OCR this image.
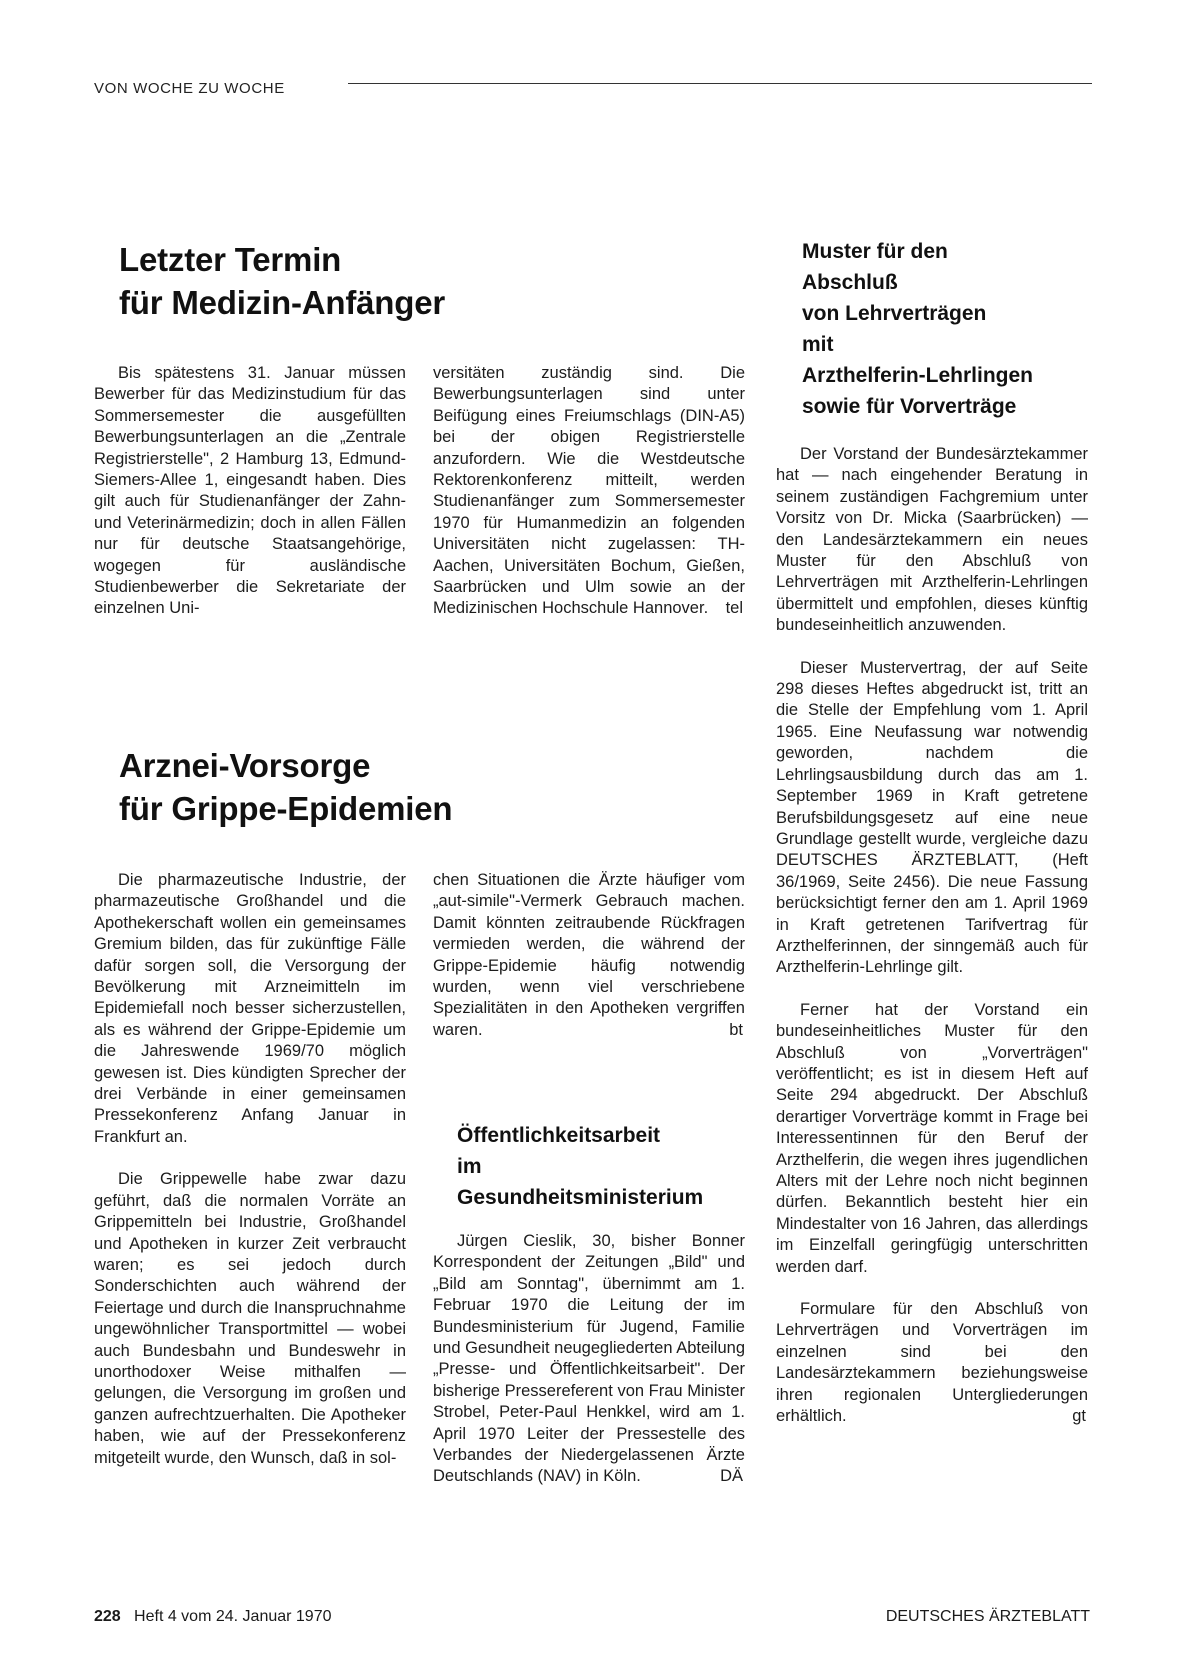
VON WOCHE ZU WOCHE
Letzter Termin
für Medizin-Anfänger

Bis spätestens 31. Januar müssen Bewerber für das Medizinstudium für das Sommersemester die ausgefüllten Bewerbungsunterlagen an die „Zentrale Registrierstelle", 2 Hamburg 13, Edmund-Siemers-Allee 1, eingesandt haben. Dies gilt auch für Studienanfänger der Zahn- und Veterinärmedizin; doch in allen Fällen nur für deutsche Staatsangehörige, wogegen für ausländische Studienbewerber die Sekretariate der einzelnen Uni-

versitäten zuständig sind. Die Bewerbungsunterlagen sind unter Beifügung eines Freiumschlags (DIN-A5) bei der obigen Registrierstelle anzufordern. Wie die Westdeutsche Rektorenkonferenz mitteilt, werden Studienanfänger zum Sommersemester 1970 für Humanmedizin an folgenden Universitäten nicht zugelassen: TH-Aachen, Universitäten Bochum, Gießen, Saarbrücken und Ulm sowie an der Medizinischen Hochschule Hannover. tel

Arznei-Vorsorge
für Grippe-Epidemien

Die pharmazeutische Industrie, der pharmazeutische Großhandel und die Apothekerschaft wollen ein gemeinsames Gremium bilden, das für zukünftige Fälle dafür sorgen soll, die Versorgung der Bevölkerung mit Arzneimitteln im Epidemiefall noch besser sicherzustellen, als es während der Grippe-Epidemie um die Jahreswende 1969/70 möglich gewesen ist. Dies kündigten Sprecher der drei Verbände in einer gemeinsamen Pressekonferenz Anfang Januar in Frankfurt an.

Die Grippewelle habe zwar dazu geführt, daß die normalen Vorräte an Grippemitteln bei Industrie, Großhandel und Apotheken in kurzer Zeit verbraucht waren; es sei jedoch durch Sonderschichten auch während der Feiertage und durch die Inanspruchnahme ungewöhnlicher Transportmittel — wobei auch Bundesbahn und Bundeswehr in unorthodoxer Weise mithalfen — gelungen, die Versorgung im großen und ganzen aufrechtzuerhalten. Die Apotheker haben, wie auf der Pressekonferenz mitgeteilt wurde, den Wunsch, daß in sol-

chen Situationen die Ärzte häufiger vom „aut-simile"-Vermerk Gebrauch machen. Damit könnten zeitraubende Rückfragen vermieden werden, die während der Grippe-Epidemie häufig notwendig wurden, wenn viel verschriebene Spezialitäten in den Apotheken vergriffen waren.	bt

Öffentlichkeitsarbeit
im
Gesundheitsministerium

Jürgen Cieslik, 30, bisher Bonner Korrespondent der Zeitungen „Bild" und „Bild am Sonntag", übernimmt am 1. Februar 1970 die Leitung der im Bundesministerium für Jugend, Familie und Gesundheit neugegliederten Abteilung „Presse- und Öffentlichkeitsarbeit". Der bisherige Pressereferent von Frau Minister Strobel, Peter-Paul Henkkel, wird am 1. April 1970 Leiter der Pressestelle des Verbandes der Niedergelassenen Ärzte Deutschlands (NAV) in Köln.	DÄ

Muster für den
Abschluß
von Lehrverträgen
mit
Arzthelferin-Lehrlingen
sowie für Vorverträge

Der Vorstand der Bundesärztekammer hat — nach eingehender Beratung in seinem zuständigen Fachgremium unter Vorsitz von Dr. Micka (Saarbrücken) — den Landesärztekammern ein neues Muster für den Abschluß von Lehrverträgen mit Arzthelferin-Lehrlingen übermittelt und empfohlen, dieses künftig bundeseinheitlich anzuwenden.

Dieser Mustervertrag, der auf Seite 298 dieses Heftes abgedruckt ist, tritt an die Stelle der Empfehlung vom 1. April 1965. Eine Neufassung war notwendig geworden, nachdem die Lehrlingsausbildung durch das am 1. September 1969 in Kraft getretene Berufsbildungsgesetz auf eine neue Grundlage gestellt wurde, vergleiche dazu DEUTSCHES ÄRZTEBLATT, (Heft 36/1969, Seite 2456). Die neue Fassung berücksichtigt ferner den am 1. April 1969 in Kraft getretenen Tarifvertrag für Arzthelferinnen, der sinngemäß auch für Arzthelferin-Lehrlinge gilt.

Ferner hat der Vorstand ein bundeseinheitliches Muster für den Abschluß von „Vorverträgen" veröffentlicht; es ist in diesem Heft auf Seite 294 abgedruckt. Der Abschluß derartiger Vorverträge kommt in Frage bei Interessentinnen für den Beruf der Arzthelferin, die wegen ihres jugendlichen Alters mit der Lehre noch nicht beginnen dürfen. Bekanntlich besteht hier ein Mindestalter von 16 Jahren, das allerdings im Einzelfall geringfügig unterschritten werden darf.

Formulare für den Abschluß von Lehrverträgen und Vorverträgen im einzelnen sind bei den Landesärztekammern beziehungsweise ihren regionalen Untergliederungen erhältlich.	gt

228 Heft 4 vom 24. Januar 1970	DEUTSCHES ÄRZTEBLATT
